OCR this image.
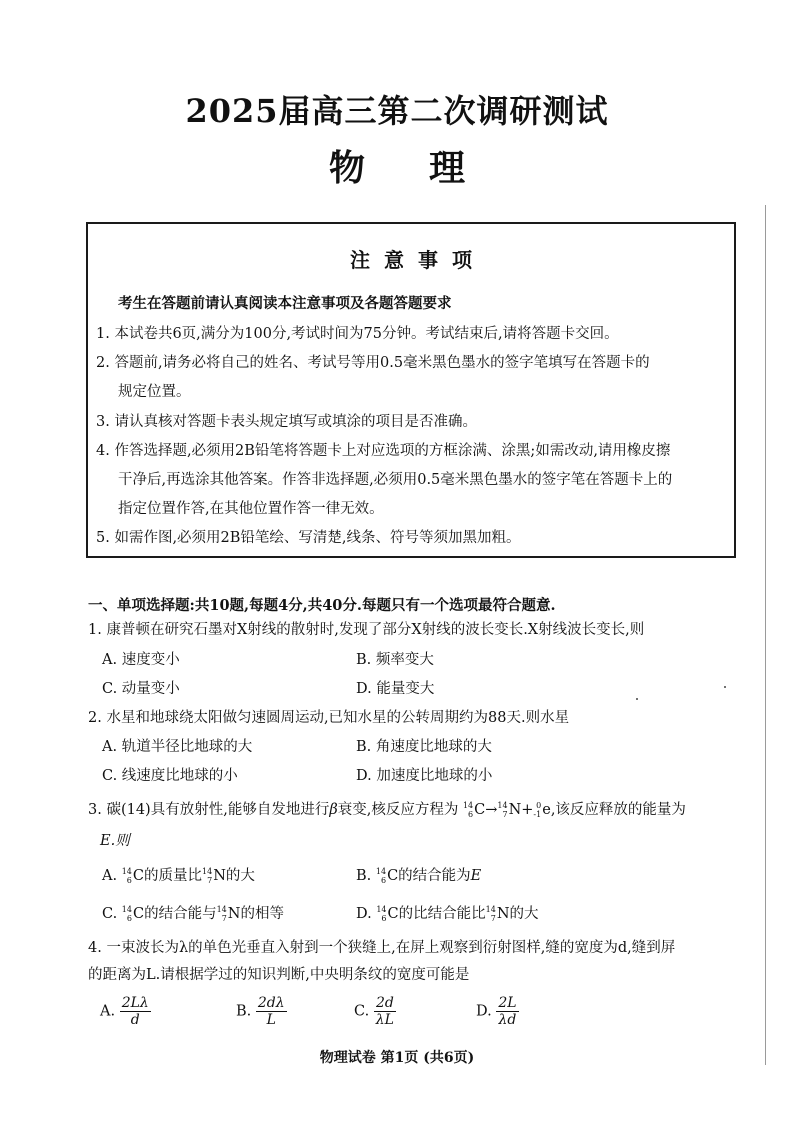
2025届高三第二次调研测试
物理
注意事项
考生在答题前请认真阅读本注意事项及各题答题要求
1. 本试卷共6页,满分为100分,考试时间为75分钟。考试结束后,请将答题卡交回。
2. 答题前,请务必将自己的姓名、考试号等用0.5毫米黑色墨水的签字笔填写在答题卡的
规定位置。
3. 请认真核对答题卡表头规定填写或填涂的项目是否准确。
4. 作答选择题,必须用2B铅笔将答题卡上对应选项的方框涂满、涂黑;如需改动,请用橡皮擦
干净后,再选涂其他答案。作答非选择题,必须用0.5毫米黑色墨水的签字笔在答题卡上的
指定位置作答,在其他位置作答一律无效。
5. 如需作图,必须用2B铅笔绘、写清楚,线条、符号等须加黑加粗。
一、单项选择题:共10题,每题4分,共40分.每题只有一个选项最符合题意.
1. 康普顿在研究石墨对X射线的散射时,发现了部分X射线的波长变长.X射线波长变长,则
A. 速度变小	B. 频率变大
C. 动量变小	D. 能量变大
2. 水星和地球绕太阳做匀速圆周运动,已知水星的公转周期约为88天.则水星
A. 轨道半径比地球的大	B. 角速度比地球的大
C. 线速度比地球的小	D. 加速度比地球的小
3. 碳(14)具有放射性,能够自发地进行β衰变,核反应方程为 14
6 C → 14
7 N + 0
-1 e ,该反应释放的能量为
E.则
A. 14
6 C 的质量比 14
7 N 的大	B. 14
6 C 的结合能为E
C. 14
6 C 的结合能与 14
7 N 的相等	D. 14
6 C 的比结合能比 14
7 N 的大
4. 一束波长为λ的单色光垂直入射到一个狭缝上,在屏上观察到衍射图样,缝的宽度为d,缝到屏
的距离为L.请根据学过的知识判断,中央明条纹的宽度可能是
A. $\frac{2L\lambda}{d}$	B. $\frac{2d\lambda}{L}$	C. $\frac{2d}{\lambda L}$	D. $\frac{2L}{\lambda d}$
物理试卷 第1页 (共6页)
